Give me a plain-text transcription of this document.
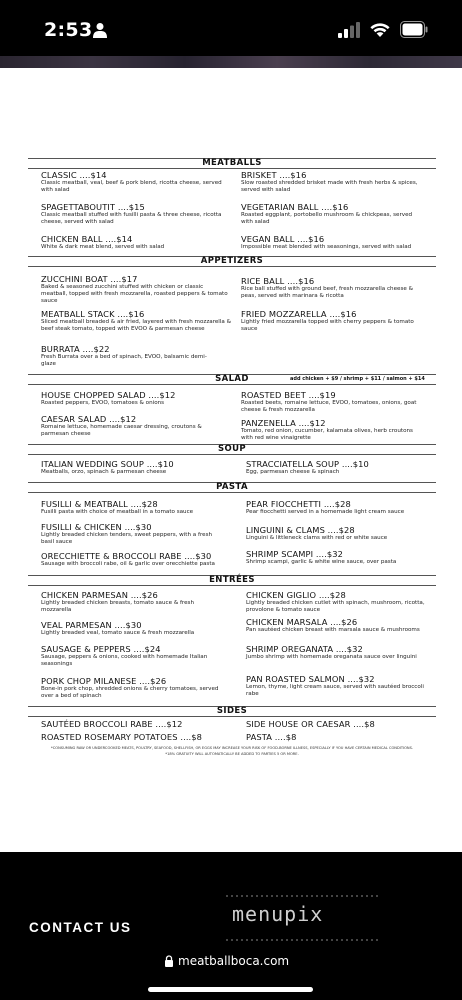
2:53
MEATBALLS
CLASSIC ....$14
Classic meatball, veal, beef & pork blend, ricotta cheese, served with salad
BRISKET ....$16
Slow roasted shredded brisket made with fresh herbs & spices, served with salad
SPAGETTABOUTIT ....$15
Classic meatball stuffed with fusilli pasta & three cheese, ricotta cheese, served with salad
VEGETARIAN BALL ....$16
Roasted eggplant, portobello mushroom & chickpeas, served with salad
CHICKEN BALL ....$14
White & dark meat blend, served with salad
VEGAN BALL ....$16
Impossible meat blended with seasonings, served with salad
APPETIZERS
ZUCCHINI BOAT ....$17
Baked & seasoned zucchini stuffed with chicken or classic meatball, topped with fresh mozzarella, roasted peppers & tomato sauce
RICE BALL ....$16
Rice ball stuffed with ground beef, fresh mozzarella cheese & peas, served with marinara & ricotta
MEATBALL STACK ....$16
Sliced meatball breaded & air fried, layered with fresh mozzarella & beef steak tomato, topped with EVOO & parmesan cheese
FRIED MOZZARELLA ....$16
Lightly fried mozzarella topped with cherry peppers & tomato sauce
BURRATA ....$22
Fresh Burrata over a bed of spinach, EVOO, balsamic demi-glaze
SALAD	add chicken + $9 / shrimp + $11 / salmon + $14
HOUSE CHOPPED SALAD ....$12
Roasted peppers, EVOO, tomatoes & onions
ROASTED BEET ....$19
Roasted beets, romaine lettuce, EVOO, tomatoes, onions, goat cheese & fresh mozzarella
CAESAR SALAD ....$12
Romaine lettuce, homemade caesar dressing, croutons & parmesan cheese
PANZENELLA ....$12
Tomato, red onion, cucumber, kalamata olives, herb croutons with red wine vinaigrette
SOUP
ITALIAN WEDDING SOUP ....$10
Meatballs, orzo, spinach & parmesan cheese
STRACCIATELLA SOUP ....$10
Egg, parmesan cheese & spinach
PASTA
FUSILLI & MEATBALL ....$28
Fusilli pasta with choice of meatball in a tomato sauce
PEAR FIOCCHETTI ....$28
Pear fiocchetti served in a homemade light cream sauce
FUSILLI & CHICKEN ....$30
Lightly breaded chicken tenders, sweet peppers, with a fresh basil sauce
LINGUINI & CLAMS ....$28
Linguini & littleneck clams with red or white sauce
ORECCHIETTE & BROCCOLI RABE ....$30
Sausage with broccoli rabe, oil & garlic over orecchiette pasta
SHRIMP SCAMPI ....$32
Shrimp scampi, garlic & white wine sauce, over pasta
ENTRÉES
CHICKEN PARMESAN ....$26
Lightly breaded chicken breasts, tomato sauce & fresh mozzarella
CHICKEN GIGLIO ....$28
Lightly breaded chicken cutlet with spinach, mushroom, ricotta, provolone & tomato sauce
VEAL PARMESAN ....$30
Lightly breaded veal, tomato sauce & fresh mozzarella
CHICKEN MARSALA ....$26
Pan sautéed chicken breast with marsala sauce & mushrooms
SAUSAGE & PEPPERS ....$24
Sausage, peppers & onions, cooked with homemade Italian seasonings
SHRIMP OREGANATA ....$32
Jumbo shrimp with homemade oreganata sauce over linguini
PORK CHOP MILANESE ....$26
Bone-in pork chop, shredded onions & cherry tomatoes, served over a bed of spinach
PAN ROASTED SALMON ....$32
Lemon, thyme, light cream sauce, served with sautéed broccoli rabe
SIDES
SAUTÉED BROCCOLI RABE ....$12	SIDE HOUSE OR CAESAR ....$8
ROASTED ROSEMARY POTATOES ....$8	PASTA ....$8
*CONSUMING RAW OR UNDERCOOKED MEATS, POULTRY, SEAFOOD, SHELLFISH, OR EGGS MAY INCREASE YOUR RISK OF FOOD-BORNE ILLNESS, ESPECIALLY IF YOU HAVE CERTAIN MEDICAL CONDITIONS.
*18% GRATUITY WILL AUTOMATICALLY BE ADDED TO PARTIES 5 OR MORE.
CONTACT US
menupix
meatballboca.com
